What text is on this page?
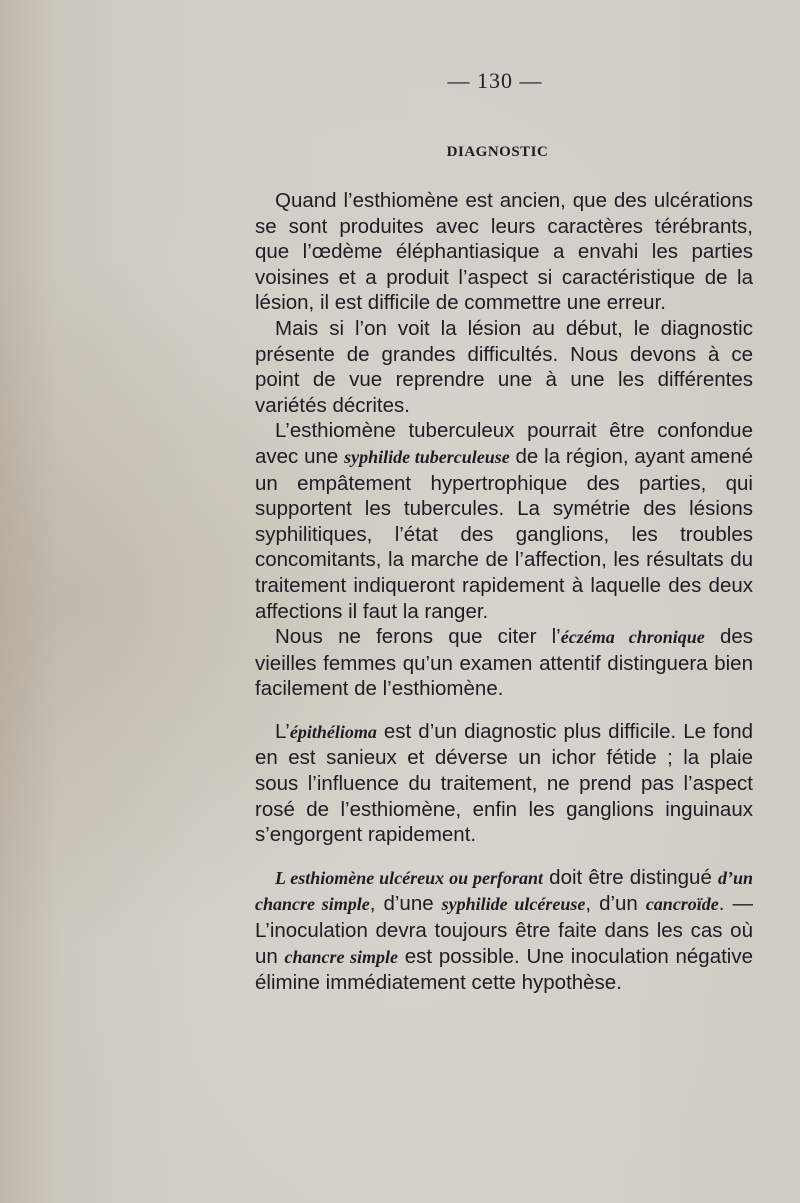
— 130 —
DIAGNOSTIC

Quand l’esthiomène est ancien, que des ulcérations se sont produites avec leurs caractères térébrants, que l’œdème éléphantiasique a envahi les parties voisines et a produit l’aspect si caractéristique de la lésion, il est difficile de commettre une erreur.

Mais si l’on voit la lésion au début, le diagnostic présente de grandes difficultés. Nous devons à ce point de vue reprendre une à une les différentes variétés décrites.

L’esthiomène tuberculeux pourrait être confondue avec une syphilide tuberculeuse de la région, ayant amené un empâtement hypertrophique des parties, qui supportent les tubercules. La symétrie des lésions syphilitiques, l’état des ganglions, les troubles concomitants, la marche de l’affection, les résultats du traitement indiqueront rapidement à laquelle des deux affections il faut la ranger.

Nous ne ferons que citer l’éczéma chronique des vieilles femmes qu’un examen attentif distinguera bien facilement de l’esthiomène.

L’épithélioma est d’un diagnostic plus difficile. Le fond en est sanieux et déverse un ichor fétide ; la plaie sous l’influence du traitement, ne prend pas l’aspect rosé de l’esthiomène, enfin les ganglions inguinaux s’engorgent rapidement.

L esthiomène ulcéreux ou perforant doit être distingué d’un chancre simple, d’une syphilide ulcéreuse, d’un cancroïde. — L’inoculation devra toujours être faite dans les cas où un chancre simple est possible. Une inoculation négative élimine immédiatement cette hypothèse.
